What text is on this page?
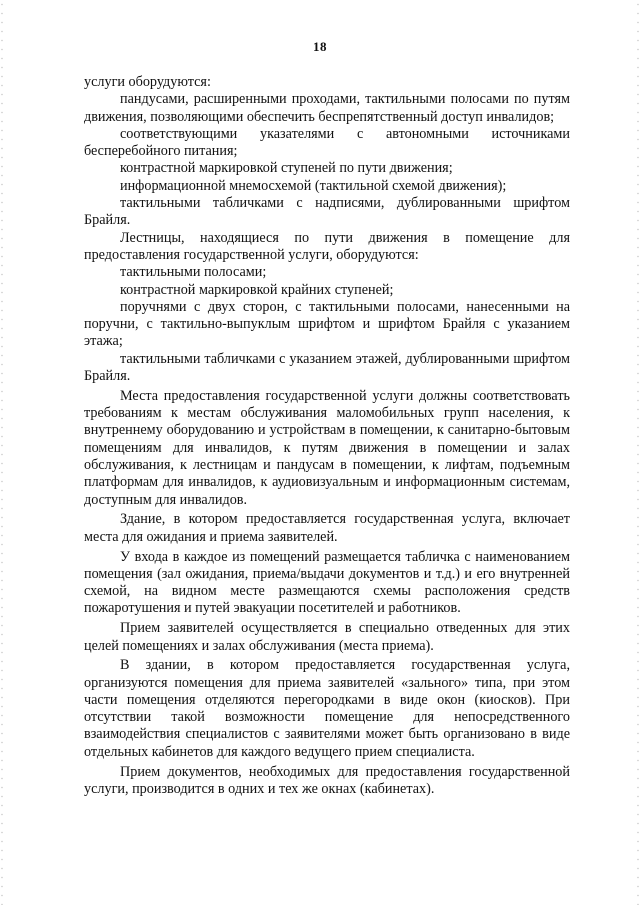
18

услуги оборудуются:

пандусами, расширенными проходами, тактильными полосами по путям движения, позволяющими обеспечить беспрепятственный доступ инвалидов;

соответствующими указателями с автономными источниками бесперебойного питания;

контрастной маркировкой ступеней по пути движения;

информационной мнемосхемой (тактильной схемой движения);

тактильными табличками с надписями, дублированными шрифтом Брайля.

Лестницы, находящиеся по пути движения в помещение для предоставления государственной услуги, оборудуются:

тактильными полосами;

контрастной маркировкой крайних ступеней;

поручнями с двух сторон, с тактильными полосами, нанесенными на поручни, с тактильно-выпуклым шрифтом и шрифтом Брайля с указанием этажа;

тактильными табличками с указанием этажей, дублированными шрифтом Брайля.

Места предоставления государственной услуги должны соответствовать требованиям к местам обслуживания маломобильных групп населения, к внутреннему оборудованию и устройствам в помещении, к санитарно-бытовым помещениям для инвалидов, к путям движения в помещении и залах обслуживания, к лестницам и пандусам в помещении, к лифтам, подъемным платформам для инвалидов, к аудиовизуальным и информационным системам, доступным для инвалидов.

Здание, в котором предоставляется государственная услуга, включает места для ожидания и приема заявителей.

У входа в каждое из помещений размещается табличка с наименованием помещения (зал ожидания, приема/выдачи документов и т.д.) и его внутренней схемой, на видном месте размещаются схемы расположения средств пожаротушения и путей эвакуации посетителей и работников.

Прием заявителей осуществляется в специально отведенных для этих целей помещениях и залах обслуживания (места приема).

В здании, в котором предоставляется государственная услуга, организуются помещения для приема заявителей «зального» типа, при этом части помещения отделяются перегородками в виде окон (киосков). При отсутствии такой возможности помещение для непосредственного взаимодействия специалистов с заявителями может быть организовано в виде отдельных кабинетов для каждого ведущего прием специалиста.

Прием документов, необходимых для предоставления государственной услуги, производится в одних и тех же окнах (кабинетах).
